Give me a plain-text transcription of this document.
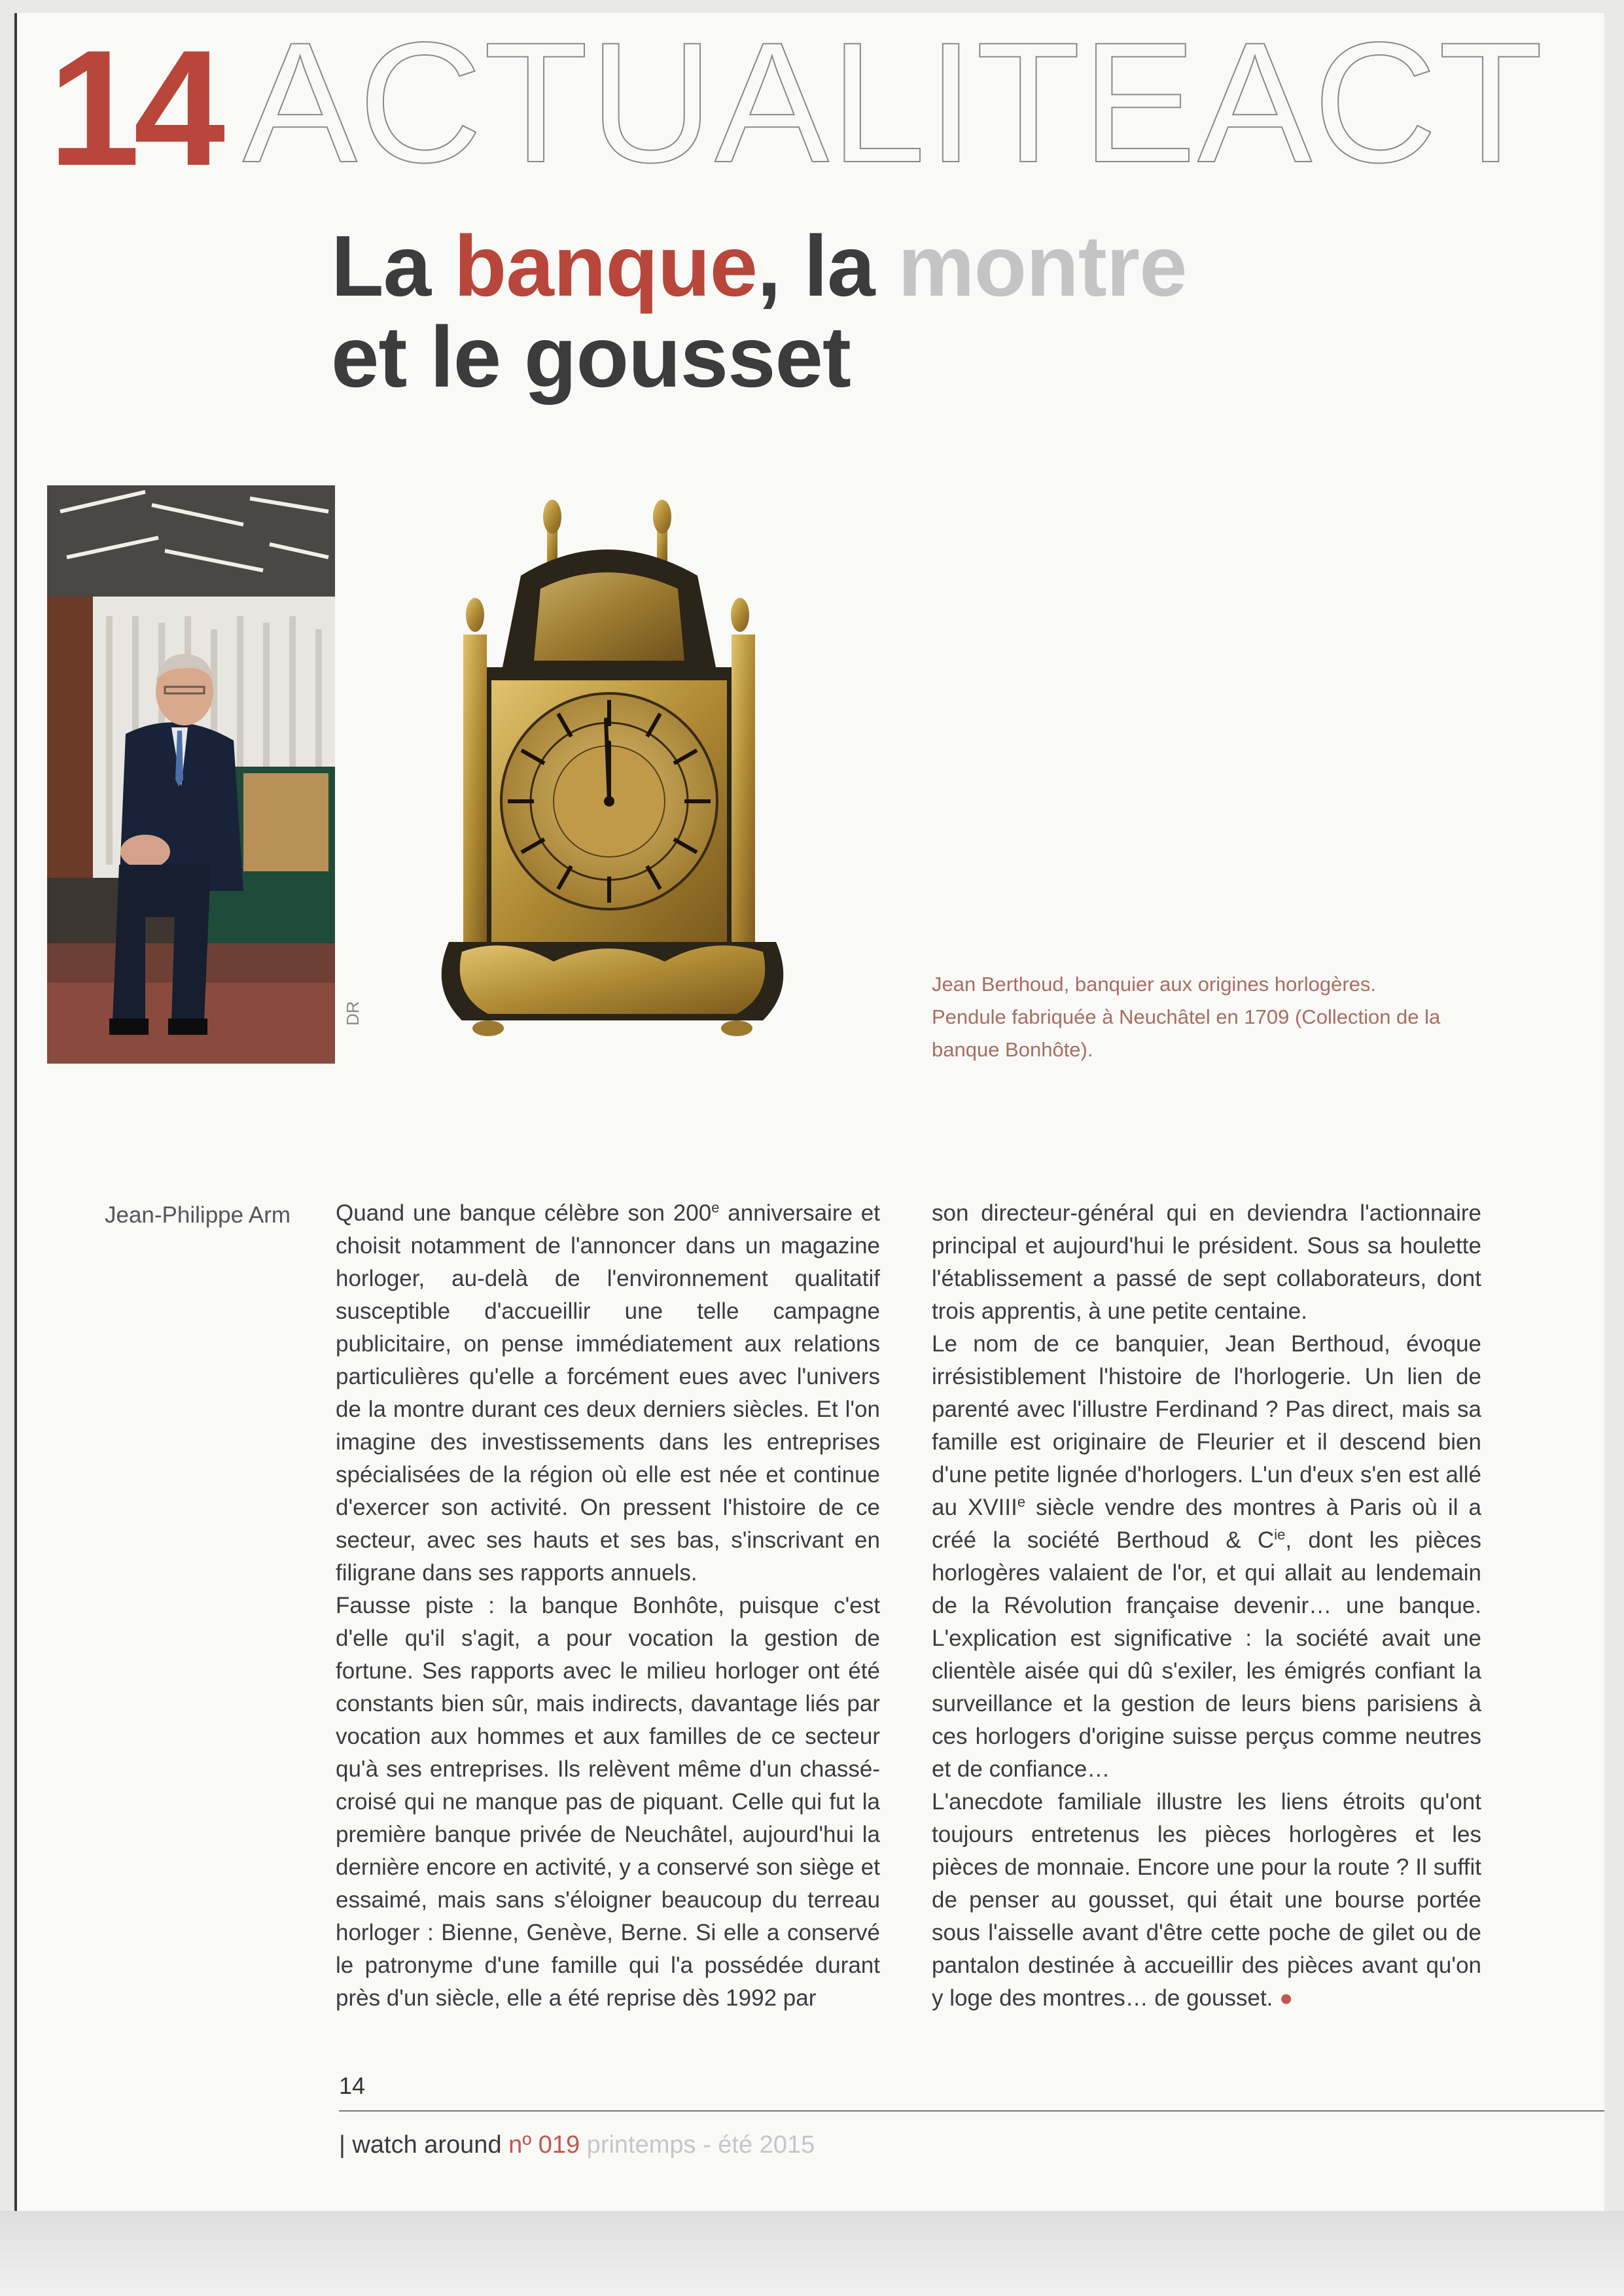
14 ACTUALITEACT
La banque, la montre
et le gousset
DR
Jean Berthoud, banquier aux origines horlogères.
Pendule fabriquée à Neuchâtel en 1709 (Collection de la
banque Bonhôte).
Jean-Philippe Arm Quand une banque célèbre son 200e anniversaire et choisit notamment de l'annoncer dans un magazine horloger, au-delà de l'environnement qualitatif susceptible d'accueillir une telle campagne publicitaire, on pense immédiatement aux relations particulières qu'elle a forcément eues avec l'univers de la montre durant ces deux derniers siècles. Et l'on imagine des investissements dans les entreprises spécialisées de la région où elle est née et continue d'exercer son activité. On pressent l'histoire de ce secteur, avec ses hauts et ses bas, s'inscrivant en filigrane dans ses rapports annuels.

Fausse piste : la banque Bonhôte, puisque c'est d'elle qu'il s'agit, a pour vocation la gestion de fortune. Ses rapports avec le milieu horloger ont été constants bien sûr, mais indirects, davantage liés par vocation aux hommes et aux familles de ce secteur qu'à ses entreprises. Ils relèvent même d'un chassé-croisé qui ne manque pas de piquant. Celle qui fut la première banque privée de Neuchâtel, aujourd'hui la dernière encore en activité, y a conservé son siège et essaimé, mais sans s'éloigner beaucoup du terreau horloger : Bienne, Genève, Berne. Si elle a conservé le patronyme d'une famille qui l'a possédée durant près d'un siècle, elle a été reprise dès 1992 par

son directeur-général qui en deviendra l'actionnaire principal et aujourd'hui le président. Sous sa houlette l'établissement a passé de sept collaborateurs, dont trois apprentis, à une petite centaine.

Le nom de ce banquier, Jean Berthoud, évoque irrésistiblement l'histoire de l'horlogerie. Un lien de parenté avec l'illustre Ferdinand ? Pas direct, mais sa famille est originaire de Fleurier et il descend bien d'une petite lignée d'horlogers. L'un d'eux s'en est allé au XVIIIe siècle vendre des montres à Paris où il a créé la société Berthoud & $C^{ie}$, dont les pièces horlogères valaient de l'or, et qui allait au lendemain de la Révolution française devenir… une banque. L'explication est significative : la société avait une clientèle aisée qui dû s'exiler, les émigrés confiant la surveillance et la gestion de leurs biens parisiens à ces horlogers d'origine suisse perçus comme neutres et de confiance…

L'anecdote familiale illustre les liens étroits qu'ont toujours entretenus les pièces horlogères et les pièces de monnaie. Encore une pour la route ? Il suffit de penser au gousset, qui était une bourse portée sous l'aisselle avant d'être cette poche de gilet ou de pantalon destinée à accueillir des pièces avant qu'on y loge des montres… de gousset. ●

14
| watch around nº 019 printemps - été 2015
